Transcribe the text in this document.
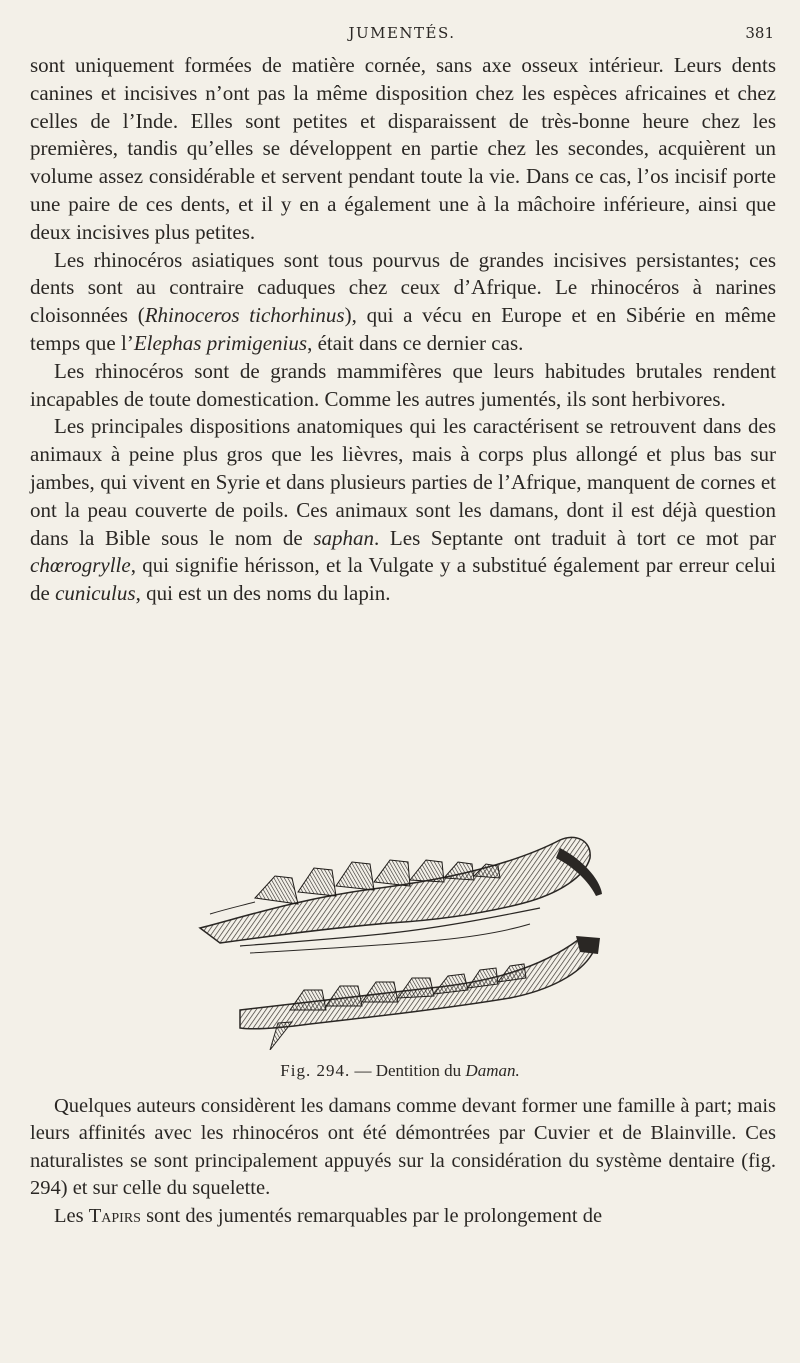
JUMENTÉS.	381

sont uniquement formées de matière cornée, sans axe osseux intérieur. Leurs dents canines et incisives n’ont pas la même disposition chez les espèces africaines et chez celles de l’Inde. Elles sont petites et disparaissent de très-bonne heure chez les premières, tandis qu’elles se développent en partie chez les secondes, acquièrent un volume assez considérable et servent pendant toute la vie. Dans ce cas, l’os incisif porte une paire de ces dents, et il y en a également une à la mâchoire inférieure, ainsi que deux incisives plus petites.

Les rhinocéros asiatiques sont tous pourvus de grandes incisives persistantes; ces dents sont au contraire caduques chez ceux d’Afrique. Le rhinocéros à narines cloisonnées (Rhinoceros tichorhinus), qui a vécu en Europe et en Sibérie en même temps que l’Elephas primigenius, était dans ce dernier cas.

Les rhinocéros sont de grands mammifères que leurs habitudes brutales rendent incapables de toute domestication. Comme les autres jumentés, ils sont herbivores.

Les principales dispositions anatomiques qui les caractérisent se retrouvent dans des animaux à peine plus gros que les lièvres, mais à corps plus allongé et plus bas sur jambes, qui vivent en Syrie et dans plusieurs parties de l’Afrique, manquent de cornes et ont la peau couverte de poils. Ces animaux sont les damans, dont il est déjà question dans la Bible sous le nom de saphan. Les Septante ont traduit à tort ce mot par chœrogrylle, qui signifie hérisson, et la Vulgate y a substitué également par erreur celui de cuniculus, qui est un des noms du lapin.

Fig. 294. — Dentition du Daman.

Quelques auteurs considèrent les damans comme devant former une famille à part; mais leurs affinités avec les rhinocéros ont été démontrées par Cuvier et de Blainville. Ces naturalistes se sont principalement appuyés sur la considération du système dentaire (fig. 294) et sur celle du squelette.

Les Tapirs sont des jumentés remarquables par le prolongement de
